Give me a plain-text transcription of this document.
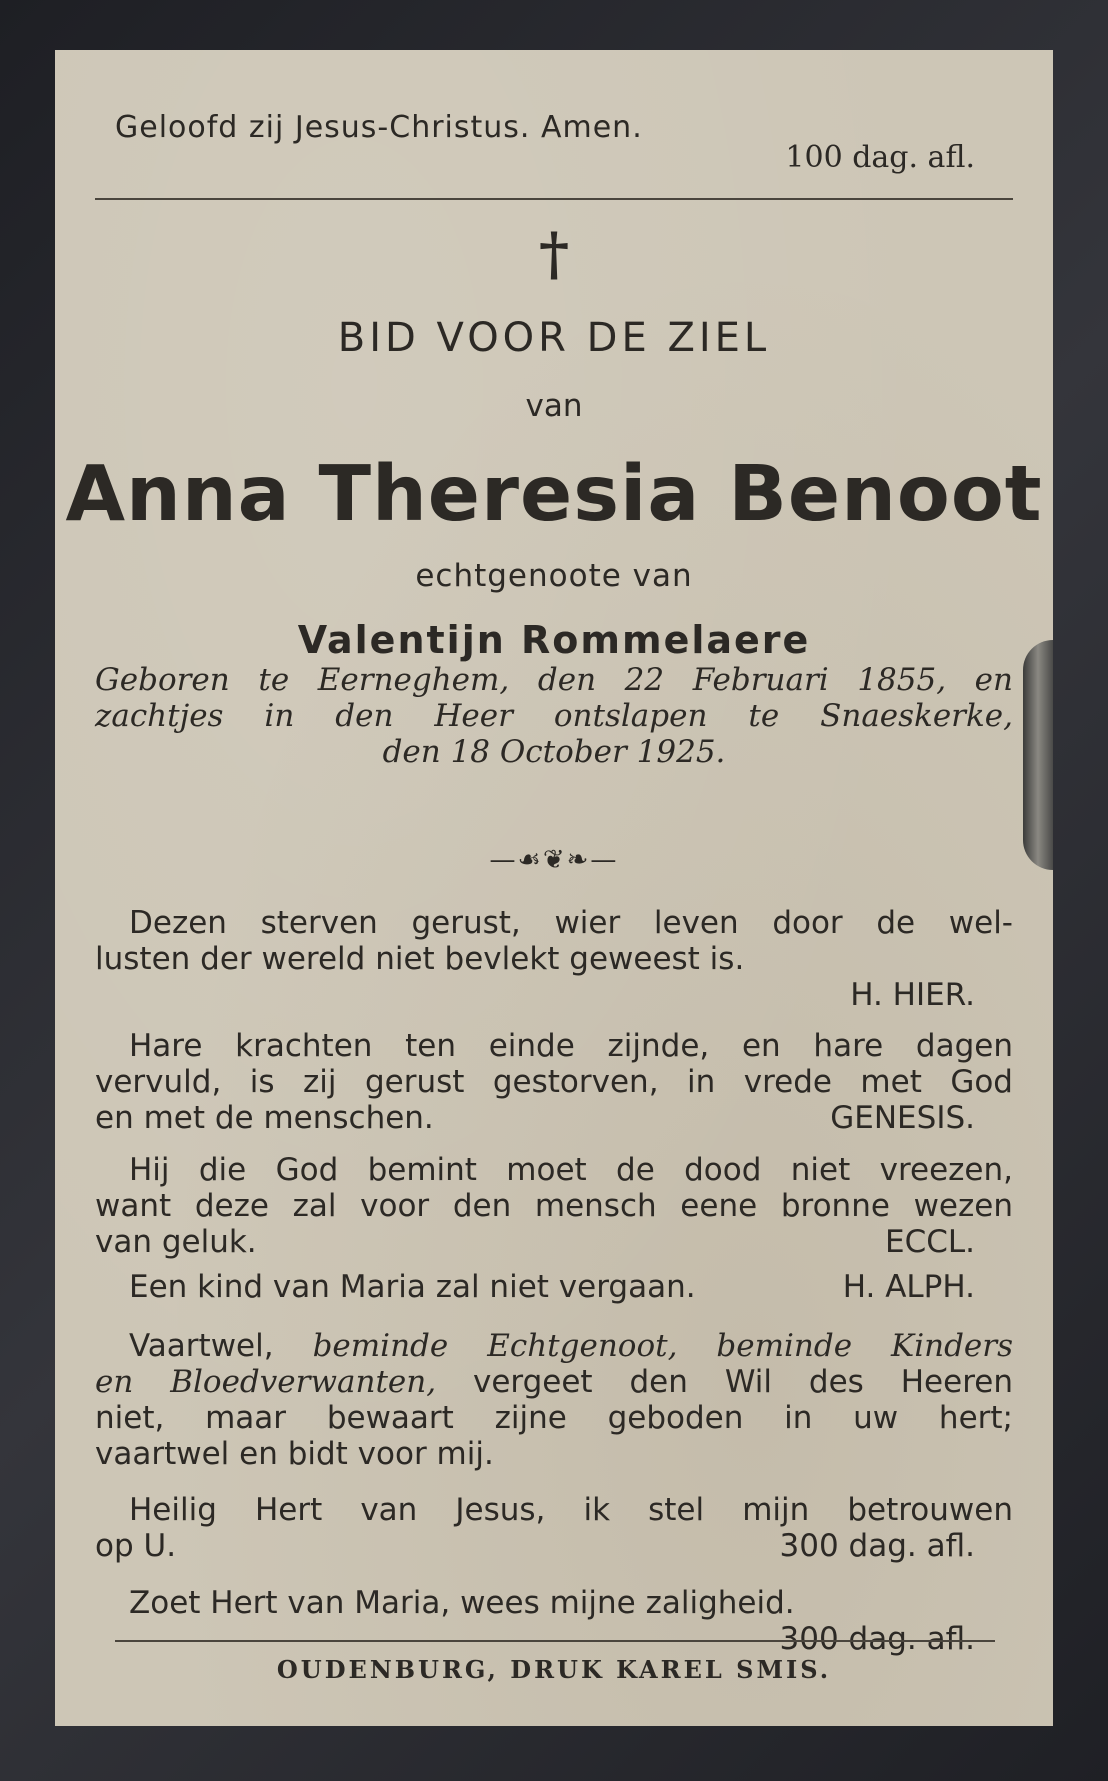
Geloofd zij Jesus-Christus. Amen.
100 dag. afl.
†
BID VOOR DE ZIEL
van
Anna Theresia Benoot
echtgenoote van
Valentijn Rommelaere
Geboren te Eerneghem, den 22 Februari 1855, en
zachtjes in den Heer ontslapen te Snaeskerke,
den 18 October 1925.
—☙❦❧—
Dezen sterven gerust, wier leven door de wel-
lusten der wereld niet bevlekt geweest is.
H. HIER.
Hare krachten ten einde zijnde, en hare dagen
vervuld, is zij gerust gestorven, in vrede met God
en met de menschen.	GENESIS.
Hij die God bemint moet de dood niet vreezen,
want deze zal voor den mensch eene bronne wezen
van geluk.	ECCL.
Een kind van Maria zal niet vergaan.	H. ALPH.
Vaartwel, beminde Echtgenoot, beminde Kinders
en Bloedverwanten, vergeet den Wil des Heeren
niet, maar bewaart zijne geboden in uw hert;
vaartwel en bidt voor mij.
Heilig Hert van Jesus, ik stel mijn betrouwen
op U.	300 dag. afl.
Zoet Hert van Maria, wees mijne zaligheid.
300 dag. afl.
OUDENBURG, DRUK KAREL SMIS.
